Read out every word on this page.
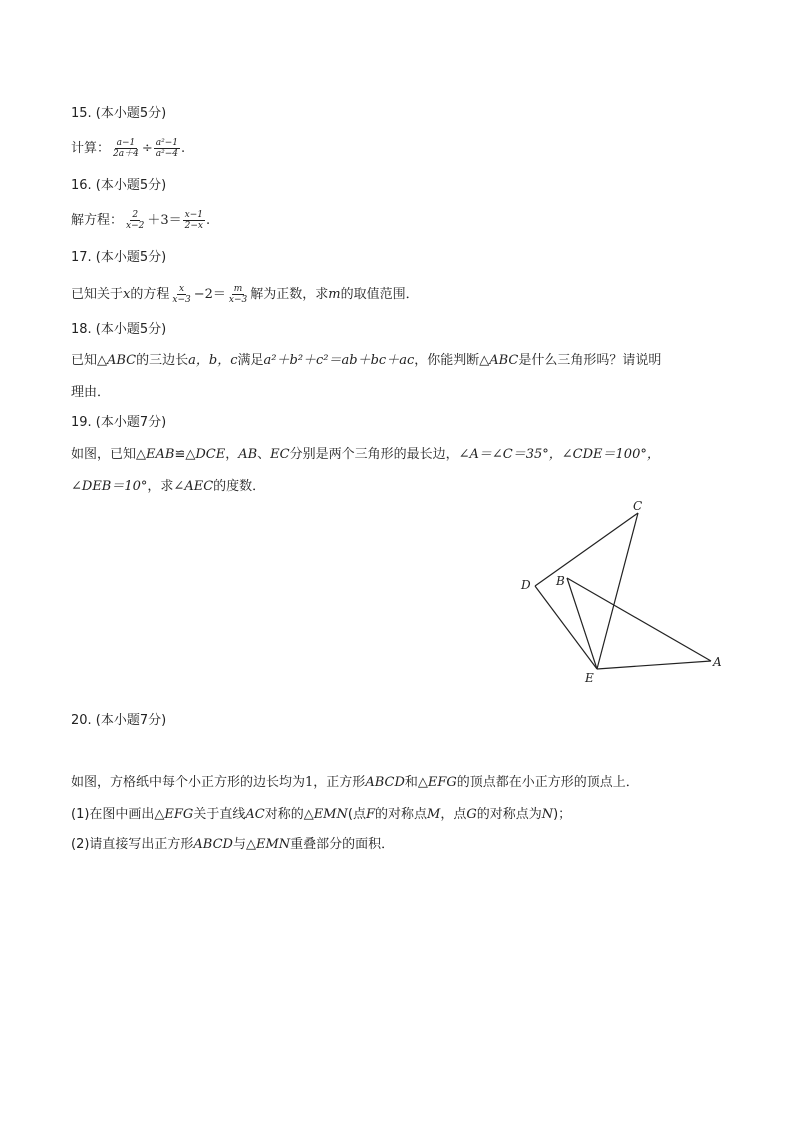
15. (本小题5分)
计算： $\frac{a-1}{2a+4} \div \frac{\text{a²−1}}{\text{a²−4}}$ .
16. (本小题5分)
解方程： $\frac{2}{x-2} +3= \frac{x-1}{2-x}$ .
17. (本小题5分)
已知关于x的方程 $\frac{x}{x-3} -2= \frac{m}{x-3}$ 解为正数，求m的取值范围．
18. (本小题5分)
已知△ABC的三边长a，b，c满足a²＋b²＋c²＝ab＋bc＋ac，你能判断△ABC是什么三角形吗？请说明
理由．
19. (本小题7分)
如图，已知△EAB≌△DCE，AB、EC分别是两个三角形的最长边，∠A＝∠C＝35°，∠CDE＝100°，
∠DEB＝10°，求∠AEC的度数．
C
D B
E
A
20. (本小题7分)
如图，方格纸中每个小正方形的边长均为1，正方形ABCD和△EFG的顶点都在小正方形的顶点上．
(1)在图中画出△EFG关于直线AC对称的△EMN(点F的对称点M，点G的对称点为N)；
(2)请直接写出正方形ABCD与△EMN重叠部分的面积．
